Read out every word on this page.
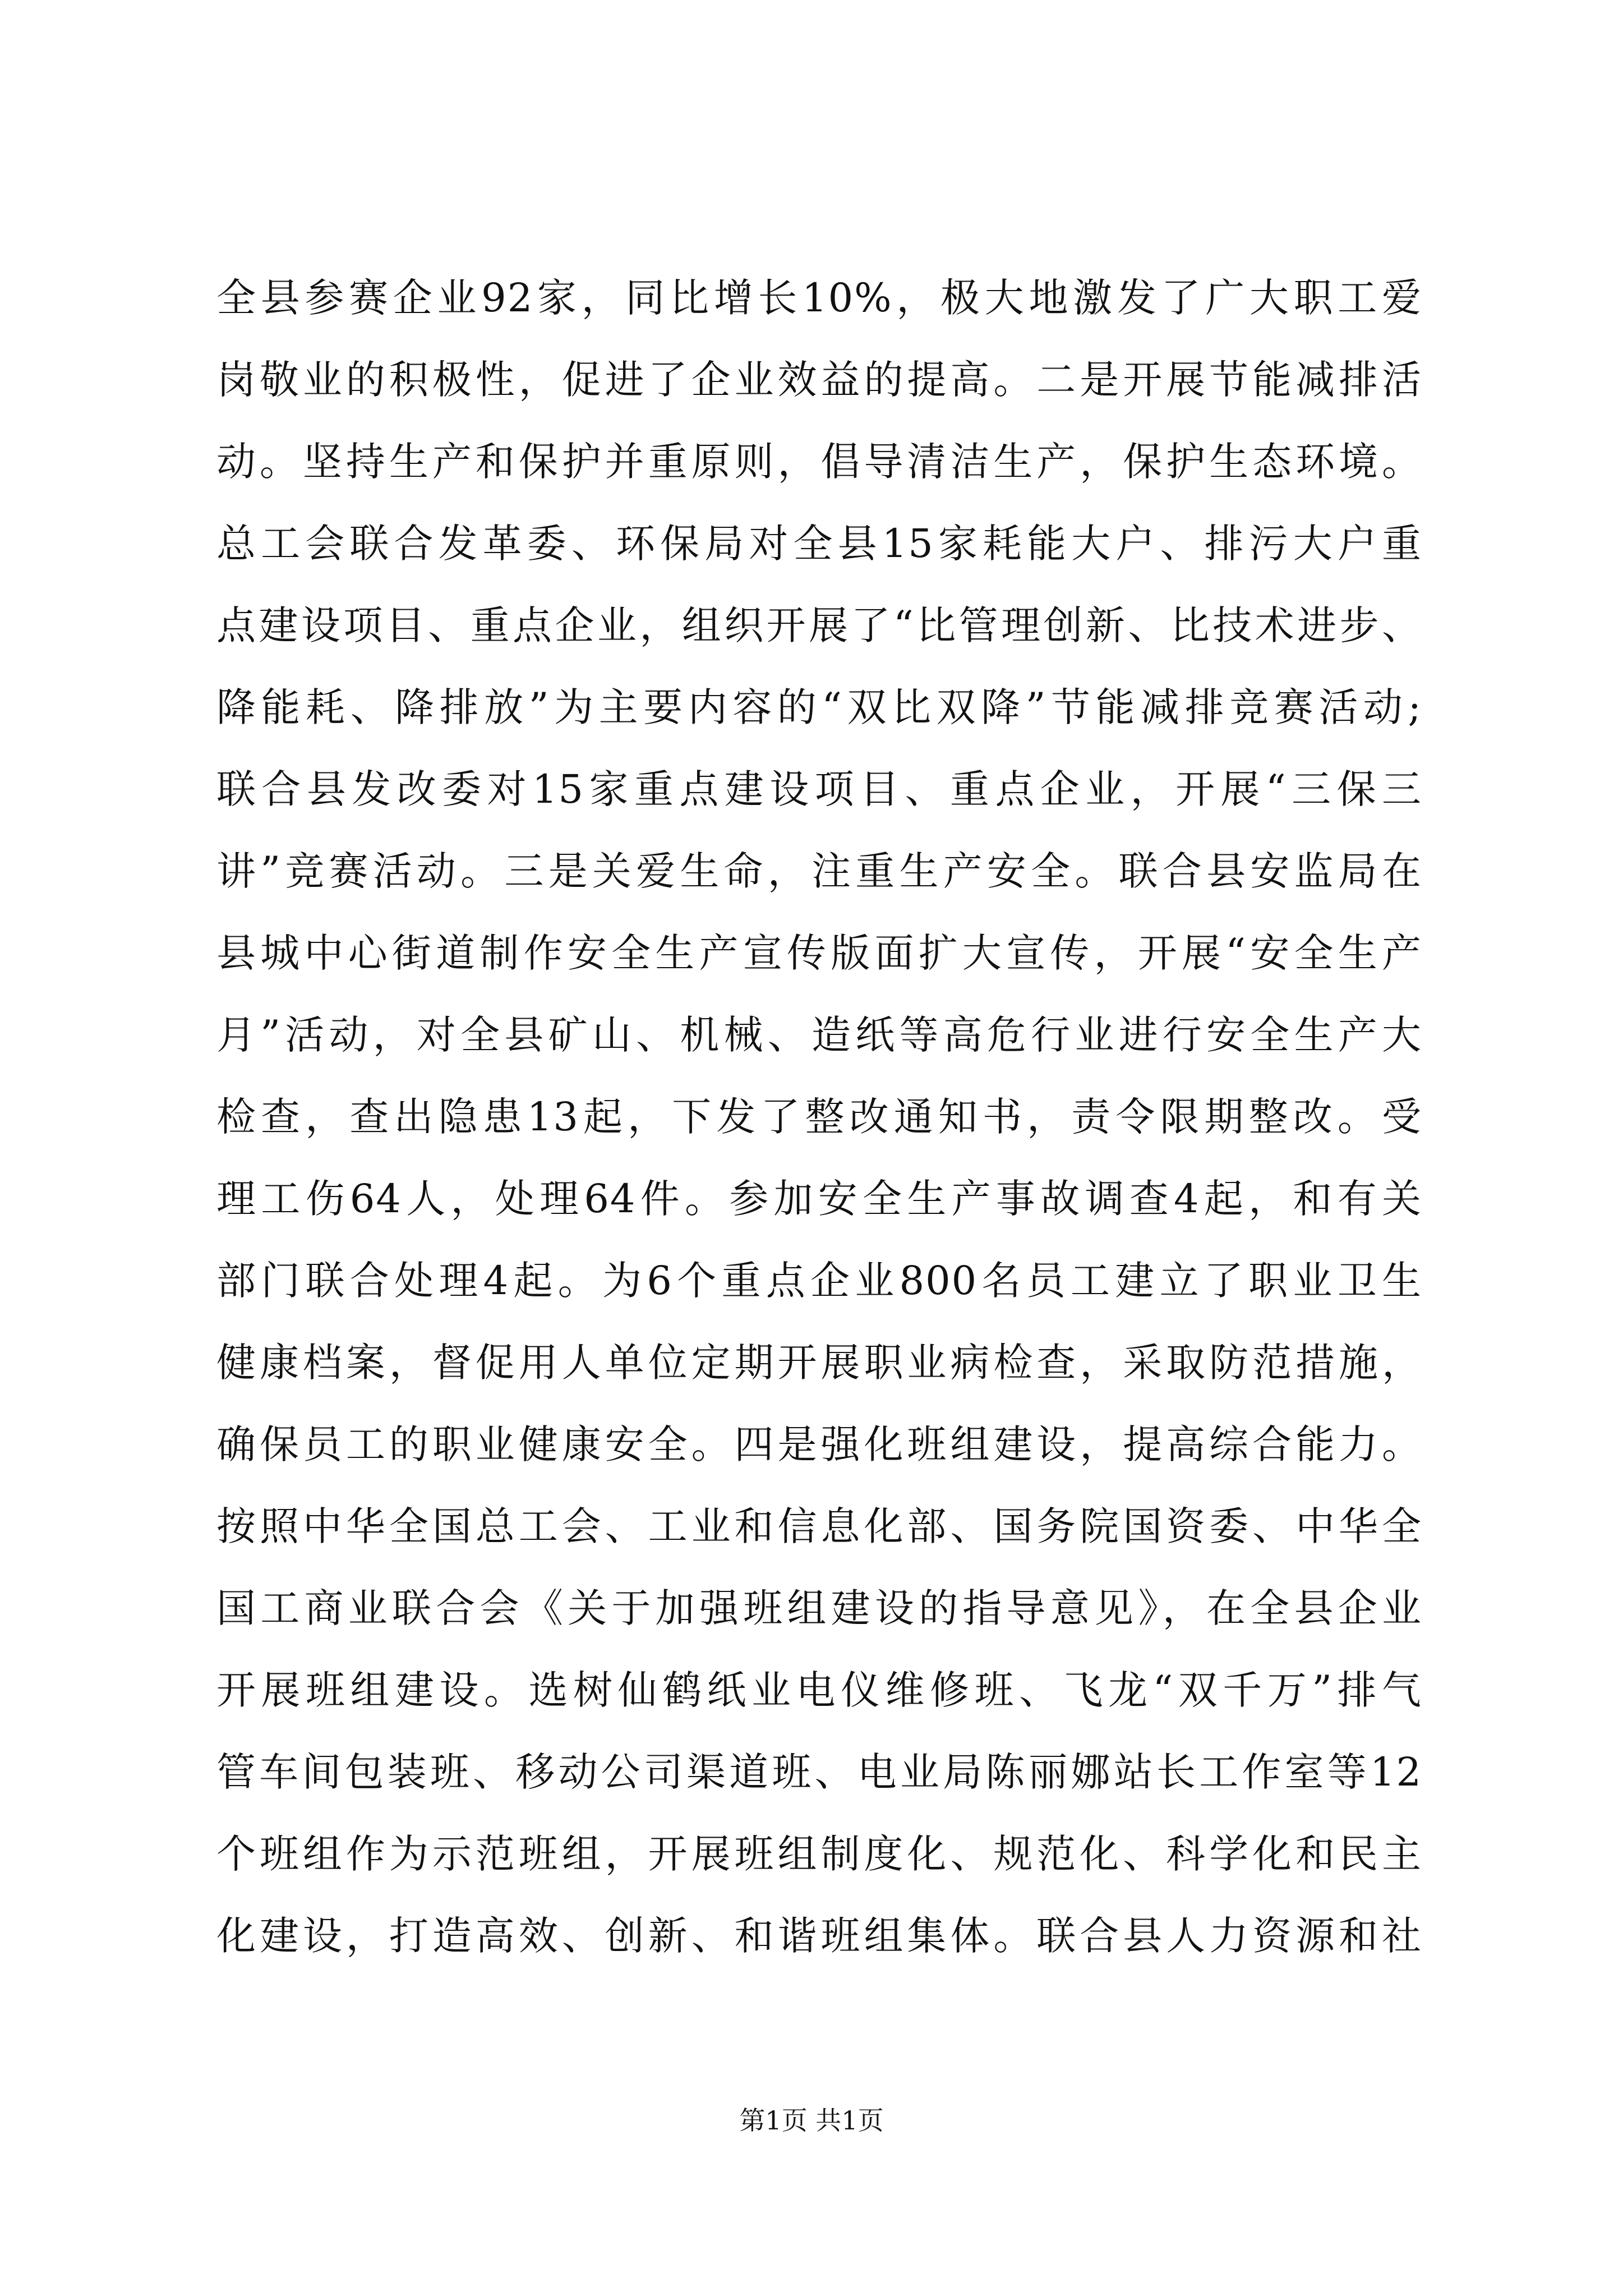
全县参赛企业92家，同比增长10%，极大地激发了广大职工爱
岗敬业的积极性，促进了企业效益的提高。二是开展节能减排活
动。坚持生产和保护并重原则，倡导清洁生产，保护生态环境。
总工会联合发革委、环保局对全县15家耗能大户、排污大户重
点建设项目、重点企业，组织开展了“比管理创新、比技术进步、
降能耗、降排放”为主要内容的“双比双降”节能减排竞赛活动;
联合县发改委对15家重点建设项目、重点企业，开展“三保三
讲”竞赛活动。三是关爱生命，注重生产安全。联合县安监局在
县城中心街道制作安全生产宣传版面扩大宣传，开展“安全生产
月”活动，对全县矿山、机械、造纸等高危行业进行安全生产大
检查，查出隐患13起，下发了整改通知书，责令限期整改。受
理工伤64人，处理64件。参加安全生产事故调查4起，和有关
部门联合处理4起。为6个重点企业800名员工建立了职业卫生
健康档案，督促用人单位定期开展职业病检查，采取防范措施，
确保员工的职业健康安全。四是强化班组建设，提高综合能力。
按照中华全国总工会、工业和信息化部、国务院国资委、中华全
国工商业联合会《关于加强班组建设的指导意见》，在全县企业
开展班组建设。选树仙鹤纸业电仪维修班、飞龙“双千万”排气
管车间包装班、移动公司渠道班、电业局陈丽娜站长工作室等12
个班组作为示范班组，开展班组制度化、规范化、科学化和民主
化建设，打造高效、创新、和谐班组集体。联合县人力资源和社
第1页 共1页
